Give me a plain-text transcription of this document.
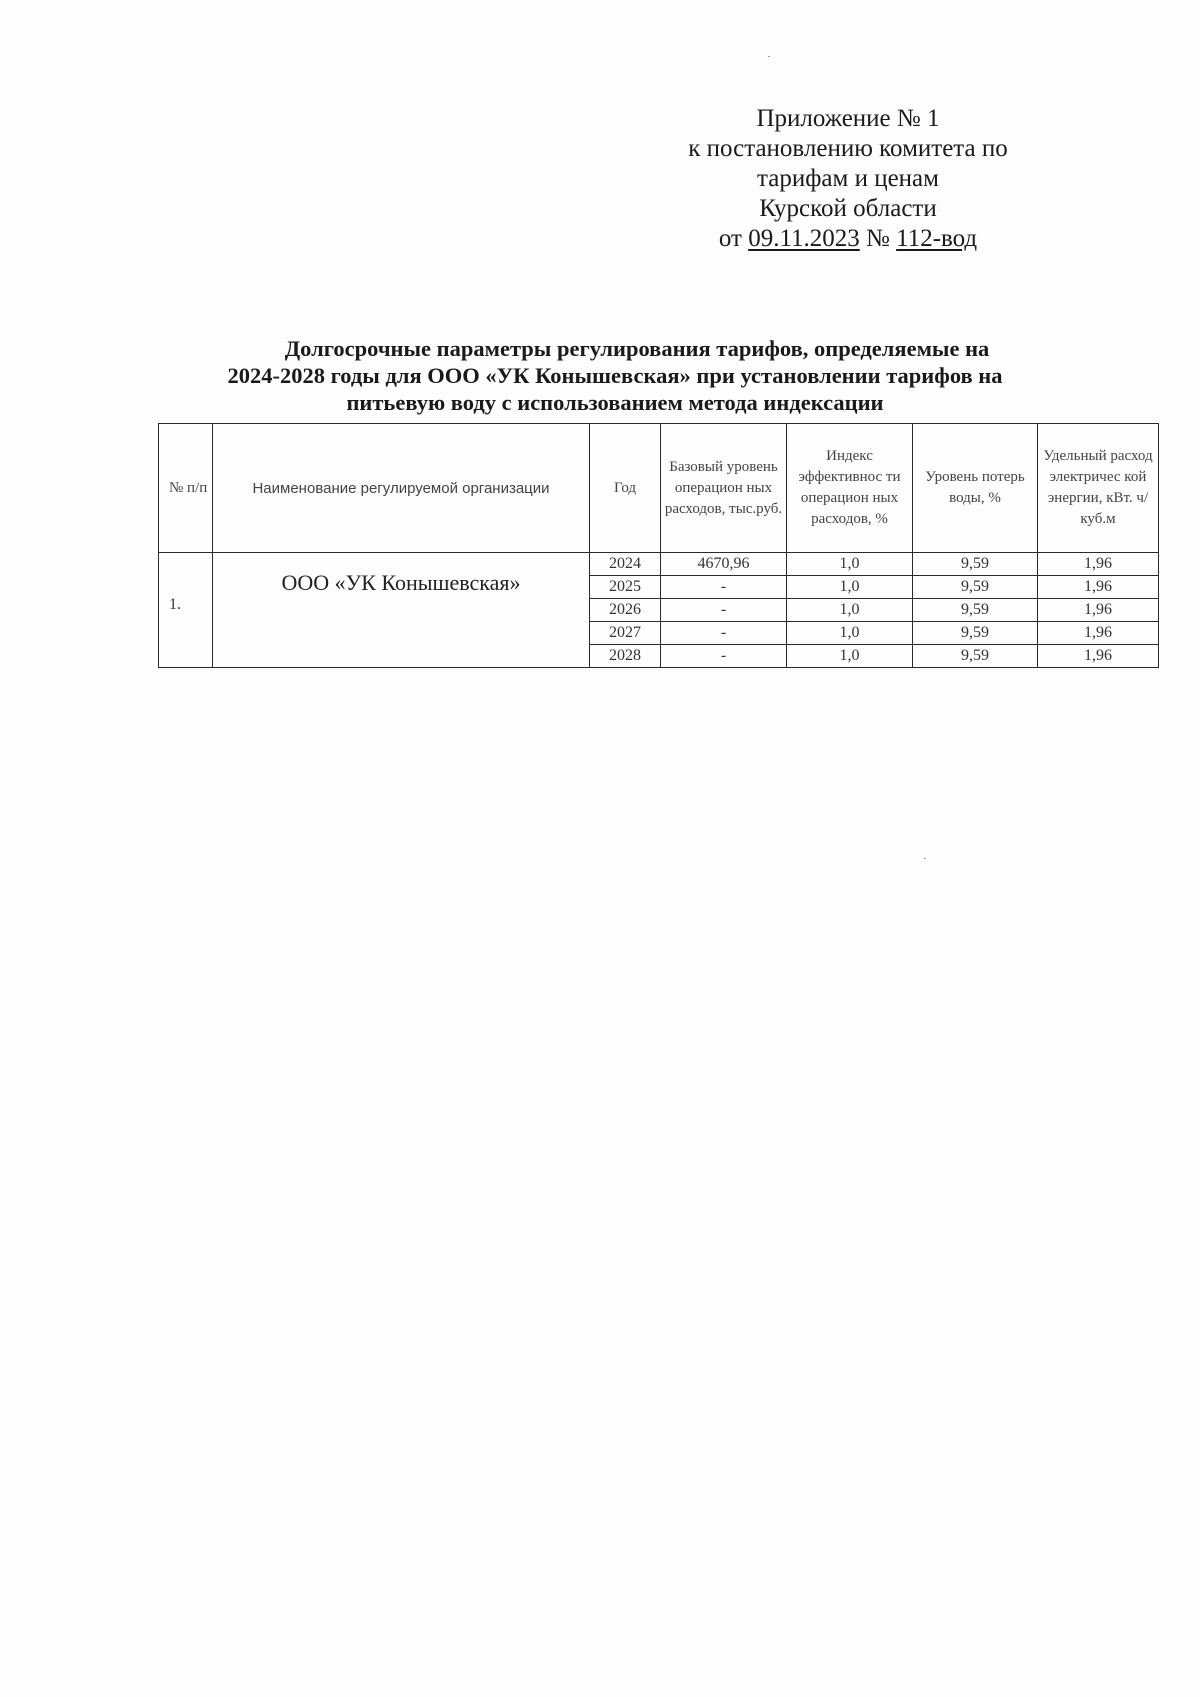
Приложение № 1
к постановлению комитета по
тарифам и ценам
Курской области
от 09.11.2023 № 112-вод
Долгосрочные параметры регулирования тарифов, определяемые на
2024-2028 годы для ООО «УК Конышевская» при установлении тарифов на
питьевую воду с использованием метода индексации
№ п/п	Наименование регулируемой организации	Год	Базовый уровень операцион ных расходов, тыс.руб.	Индекс эффективнос ти операцион ных расходов, %	Уровень потерь воды, %	Удельный расход электричес кой энергии, кВт. ч/куб.м
1.	ООО «УК Конышевская»	2024	4670,96	1,0	9,59	1,96
		2025	-	1,0	9,59	1,96
		2026	-	1,0	9,59	1,96
		2027	-	1,0	9,59	1,96
		2028	-	1,0	9,59	1,96
